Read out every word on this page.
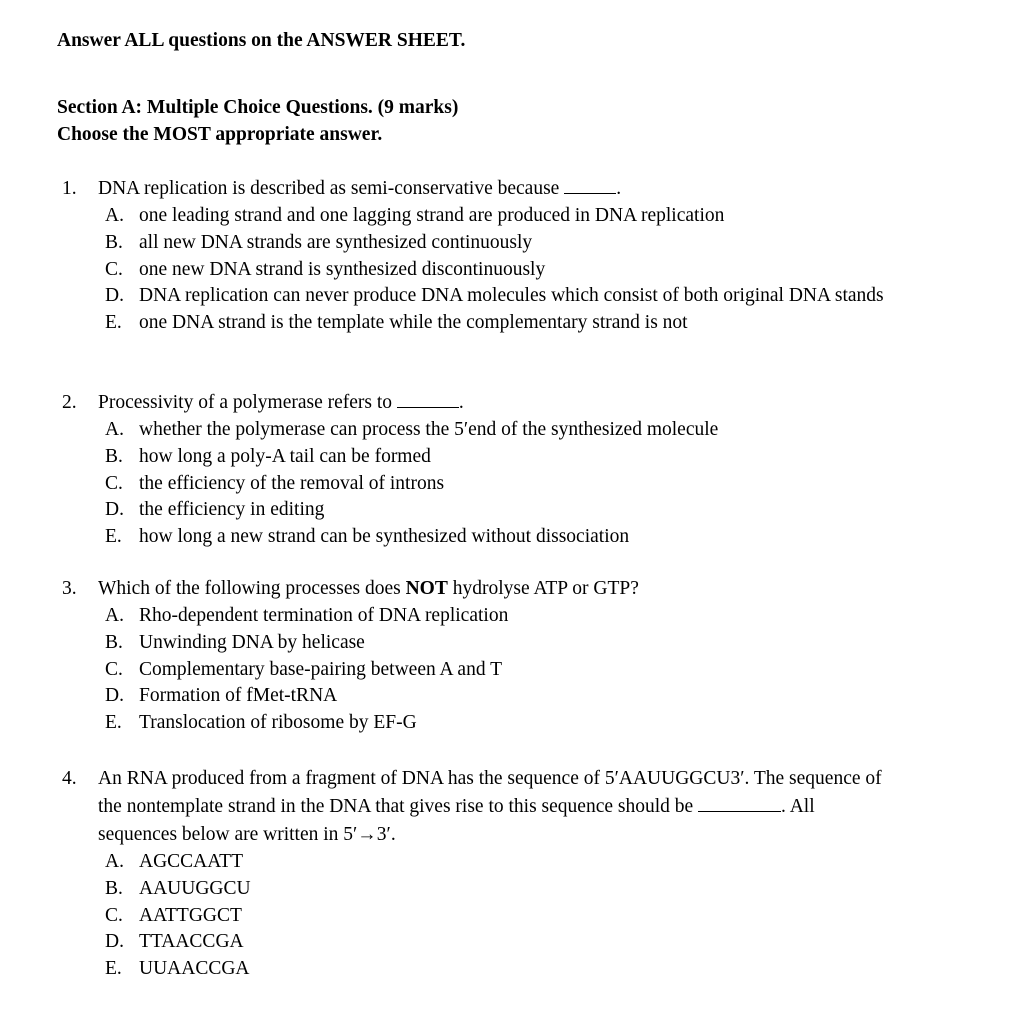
Answer ALL questions on the ANSWER SHEET.

Section A: Multiple Choice Questions. (9 marks)

Choose the MOST appropriate answer.

1. DNA replication is described as semi-conservative because	.
A. one leading strand and one lagging strand are produced in DNA replication
B. all new DNA strands are synthesized continuously
C. one new DNA strand is synthesized discontinuously
D. DNA replication can never produce DNA molecules which consist of both original DNA stands
E. one DNA strand is the template while the complementary strand is not
2. Processivity of a polymerase refers to	.
A. whether the polymerase can process the 5′end of the synthesized molecule
B. how long a poly-A tail can be formed
C. the efficiency of the removal of introns
D. the efficiency in editing
E. how long a new strand can be synthesized without dissociation
3. Which of the following processes does NOT hydrolyse ATP or GTP?
A. Rho-dependent termination of DNA replication
B. Unwinding DNA by helicase
C. Complementary base-pairing between A and T
D. Formation of fMet-tRNA
E. Translocation of ribosome by EF-G
4. An RNA produced from a fragment of DNA has the sequence of 5′AAUUGGCU3′. The sequence of the nontemplate strand in the DNA that gives rise to this sequence should be	. All sequences below are written in 5′→3′.
A. AGCCAATT
B. AAUUGGCU
C. AATTGGCT
D. TTAACCGA
E. UUAACCGA
